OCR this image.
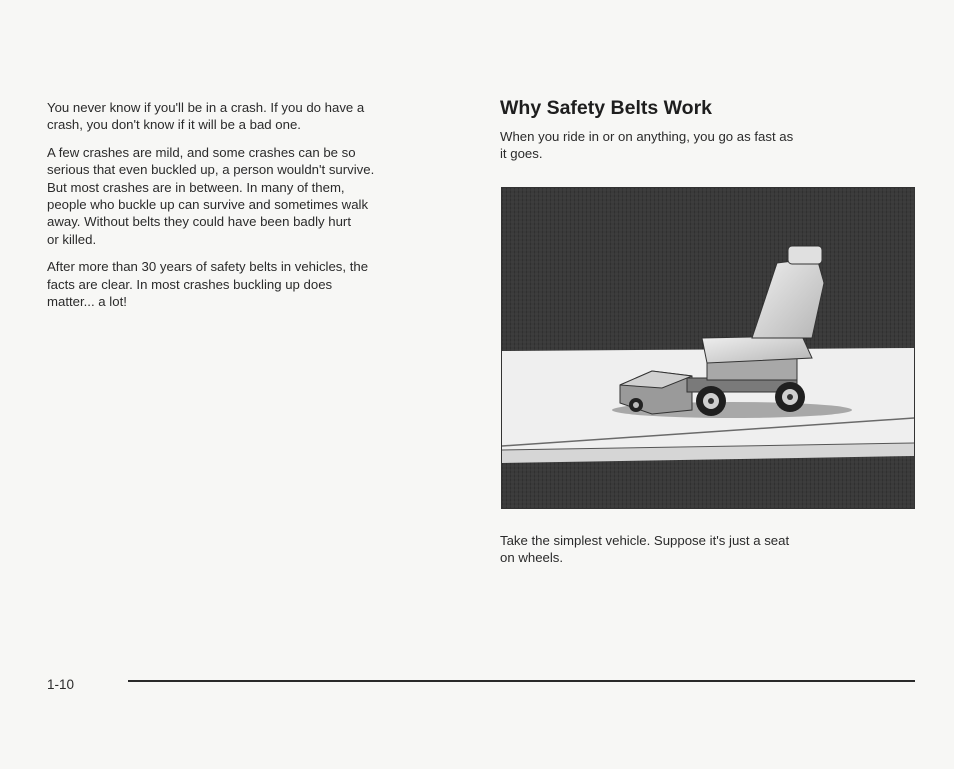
You never know if you'll be in a crash. If you do have a
crash, you don't know if it will be a bad one.

A few crashes are mild, and some crashes can be so
serious that even buckled up, a person wouldn't survive.
But most crashes are in between. In many of them,
people who buckle up can survive and sometimes walk
away. Without belts they could have been badly hurt
or killed.

After more than 30 years of safety belts in vehicles, the
facts are clear. In most crashes buckling up does
matter... a lot!

Why Safety Belts Work

When you ride in or on anything, you go as fast as
it goes.

Take the simplest vehicle. Suppose it's just a seat
on wheels.

1-10
